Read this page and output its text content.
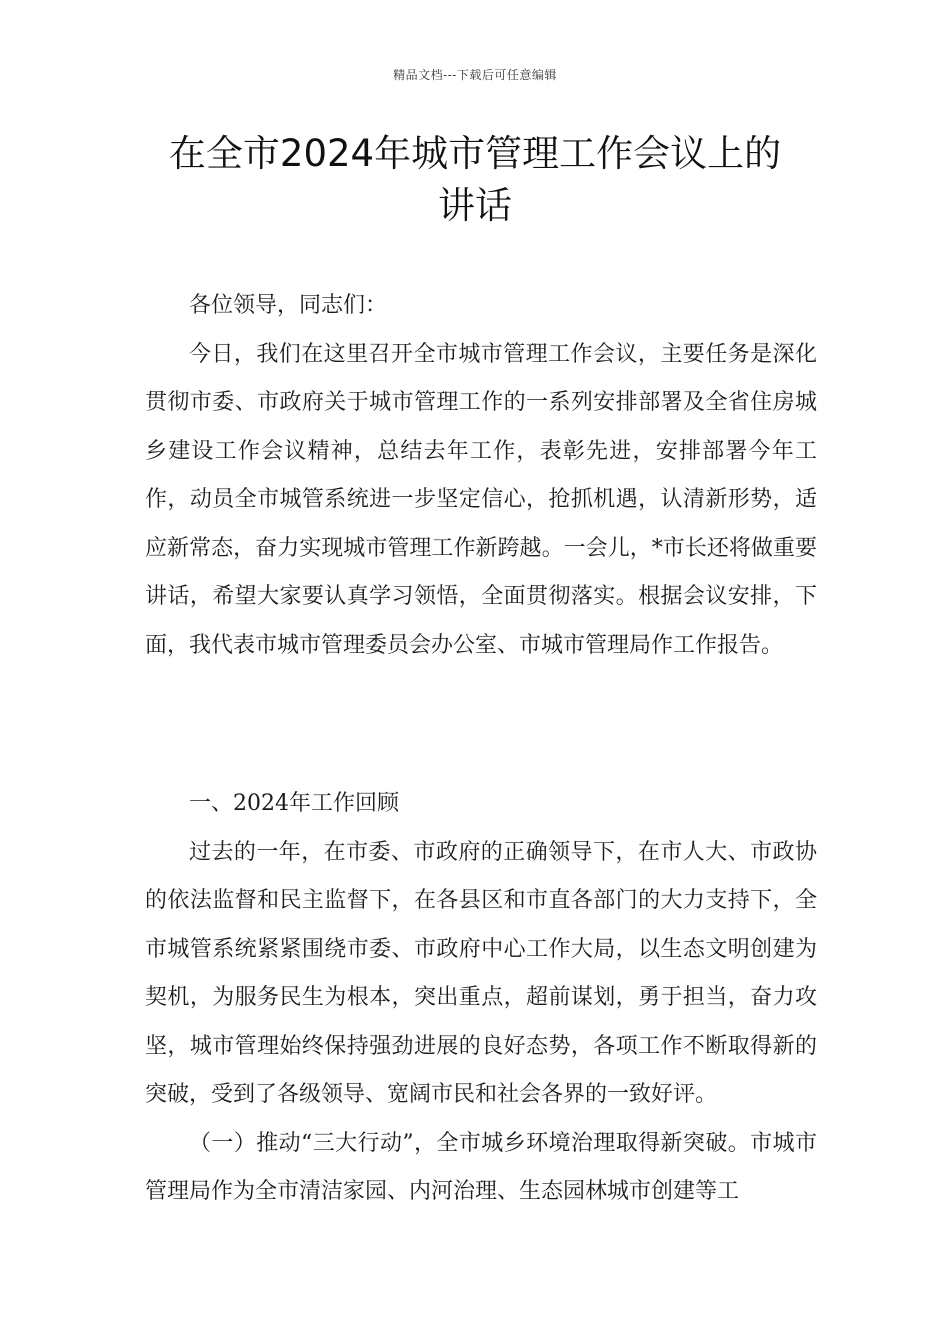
精品文档---下载后可任意编辑
在全市2024年城市管理工作会议上的
讲话

各位领导，同志们：

今日，我们在这里召开全市城市管理工作会议，主要任务是深化贯彻市委、市政府关于城市管理工作的一系列安排部署及全省住房城乡建设工作会议精神，总结去年工作，表彰先进，安排部署今年工作，动员全市城管系统进一步坚定信心，抢抓机遇，认清新形势，适应新常态，奋力实现城市管理工作新跨越。一会儿，*市长还将做重要讲话，希望大家要认真学习领悟，全面贯彻落实。根据会议安排，下面，我代表市城市管理委员会办公室、市城市管理局作工作报告。

一、2024年工作回顾

过去的一年，在市委、市政府的正确领导下，在市人大、市政协的依法监督和民主监督下，在各县区和市直各部门的大力支持下，全市城管系统紧紧围绕市委、市政府中心工作大局，以生态文明创建为契机，为服务民生为根本，突出重点，超前谋划，勇于担当，奋力攻坚，城市管理始终保持强劲进展的良好态势，各项工作不断取得新的突破，受到了各级领导、宽阔市民和社会各界的一致好评。

（一）推动“三大行动”，全市城乡环境治理取得新突破。市城市管理局作为全市清洁家园、内河治理、生态园林城市创建等工
